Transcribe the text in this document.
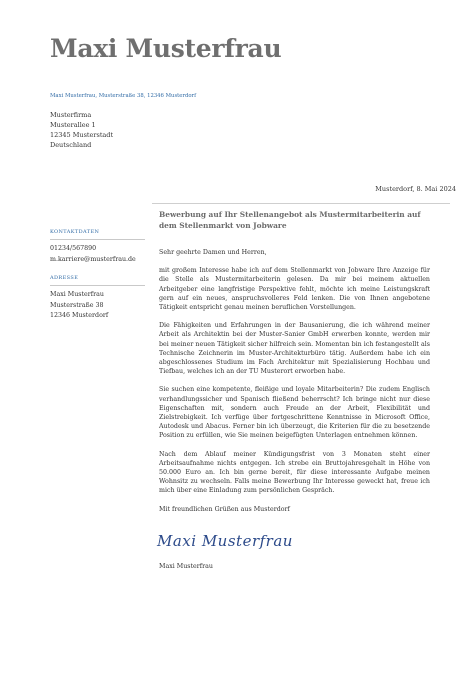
Maxi Musterfrau
Maxi Musterfrau, Musterstraße 38, 12346 Musterdorf
Musterfirma
Musterallee 1
12345 Musterstadt
Deutschland
Musterdorf, 8. Mai 2024
KONTAKTDATEN
01234/567890
m.karriere@musterfrau.de
ADRESSE
Maxi Musterfrau
Musterstraße 38
12346 Musterdorf
Bewerbung auf Ihr Stellenangebot als Mustermitarbeiterin auf dem Stellenmarkt von Jobware

Sehr geehrte Damen und Herren,

mit großem Interesse habe ich auf dem Stellenmarkt von Jobware Ihre Anzeige für die Stelle als Mustermitarbeiterin gelesen. Da mir bei meinem aktuellen Arbeitgeber eine langfristige Perspektive fehlt, möchte ich meine Leistungskraft gern auf ein neues, anspruchsvolleres Feld lenken. Die von Ihnen angebotene Tätigkeit entspricht genau meinen beruflichen Vorstellungen.

Die Fähigkeiten und Erfahrungen in der Bausanierung, die ich während meiner Arbeit als Architektin bei der Muster-Sanier GmbH erwerben konnte, werden mir bei meiner neuen Tätigkeit sicher hilfreich sein. Momentan bin ich festangestellt als Technische Zeichnerin im Muster-Architekturbüro tätig. Außerdem habe ich ein abgeschlossenes Studium im Fach Architektur mit Spezialisierung Hochbau und Tiefbau, welches ich an der TU Musterort erworben habe.

Sie suchen eine kompetente, fleißige und loyale Mitarbeiterin? Die zudem Englisch verhandlungssicher und Spanisch fließend beherrscht? Ich bringe nicht nur diese Eigenschaften mit, sondern auch Freude an der Arbeit, Flexibilität und Zielstrebigkeit. Ich verfüge über fortgeschrittene Kenntnisse in Microsoft Office, Autodesk und Abacus. Ferner bin ich überzeugt, die Kriterien für die zu besetzende Position zu erfüllen, wie Sie meinen beigefügten Unterlagen entnehmen können.

Nach dem Ablauf meiner Kündigungsfrist von 3 Monaten steht einer Arbeitsaufnahme nichts entgegen. Ich strebe ein Bruttojahresgehalt in Höhe von 50.000 Euro an. Ich bin gerne bereit, für diese interessante Aufgabe meinen Wohnsitz zu wechseln. Falls meine Bewerbung Ihr Interesse geweckt hat, freue ich mich über eine Einladung zum persönlichen Gespräch.

Mit freundlichen Grüßen aus Musterdorf

Maxi Musterfrau
Maxi Musterfrau
